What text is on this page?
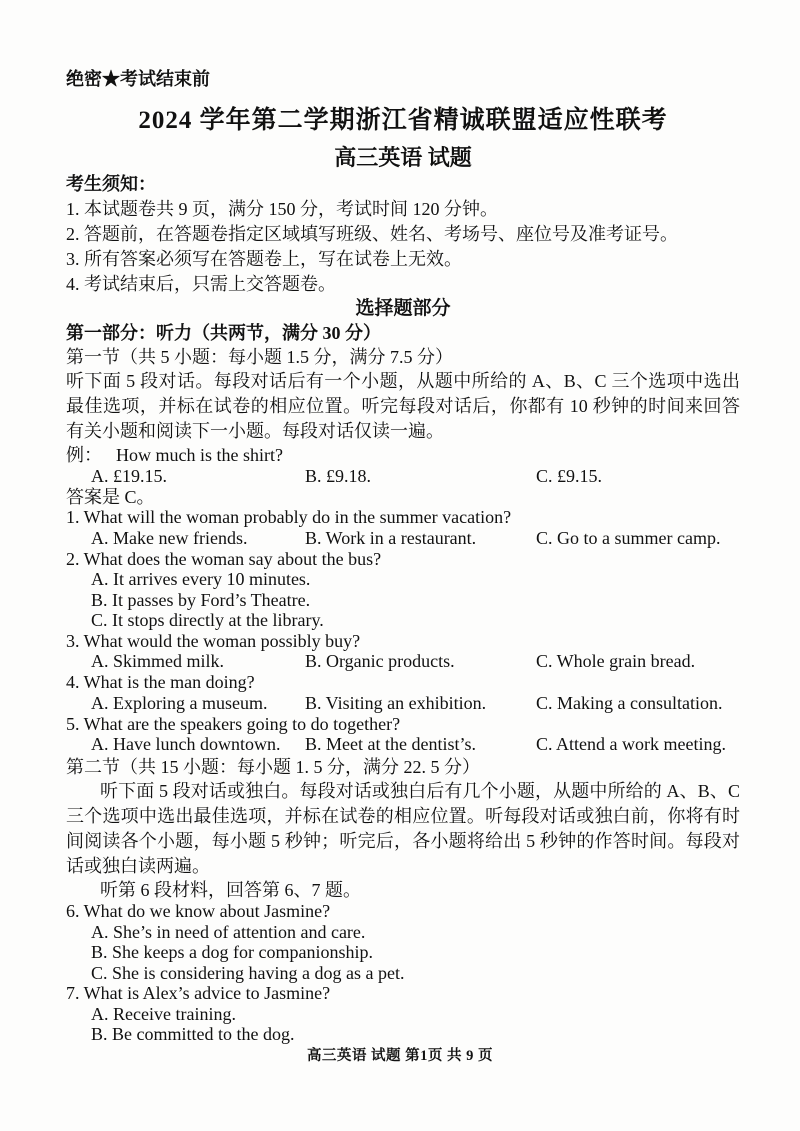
绝密★考试结束前
2024 学年第二学期浙江省精诚联盟适应性联考
高三英语 试题
考生须知：
1. 本试题卷共 9 页，满分 150 分，考试时间 120 分钟。
2. 答题前，在答题卷指定区域填写班级、姓名、考场号、座位号及准考证号。
3. 所有答案必须写在答题卷上，写在试卷上无效。
4. 考试结束后，只需上交答题卷。
选择题部分
第一部分：听力（共两节，满分 30 分）
第一节（共 5 小题：每小题 1.5 分，满分 7.5 分）
听下面 5 段对话。每段对话后有一个小题，从题中所给的 A、B、C 三个选项中选出最佳选项，并标在试卷的相应位置。听完每段对话后，你都有 10 秒钟的时间来回答有关小题和阅读下一小题。每段对话仅读一遍。
例： How much is the shirt?
A. £19.15.	B. £9.18.	C. £9.15.
答案是 C。
1. What will the woman probably do in the summer vacation?
A. Make new friends.	B. Work in a restaurant.	C. Go to a summer camp.
2. What does the woman say about the bus?
A. It arrives every 10 minutes.
B. It passes by Ford’s Theatre.
C. It stops directly at the library.
3. What would the woman possibly buy?
A. Skimmed milk.	B. Organic products.	C. Whole grain bread.
4. What is the man doing?
A. Exploring a museum.	B. Visiting an exhibition.	C. Making a consultation.
5. What are the speakers going to do together?
A. Have lunch downtown.	B. Meet at the dentist’s.	C. Attend a work meeting.
第二节（共 15 小题：每小题 1. 5 分，满分 22. 5 分）
听下面 5 段对话或独白。每段对话或独白后有几个小题，从题中所给的 A、B、C 三个选项中选出最佳选项，并标在试卷的相应位置。听每段对话或独白前，你将有时间阅读各个小题，每小题 5 秒钟；听完后，各小题将给出 5 秒钟的作答时间。每段对话或独白读两遍。
听第 6 段材料，回答第 6、7 题。
6. What do we know about Jasmine?
A. She’s in need of attention and care.
B. She keeps a dog for companionship.
C. She is considering having a dog as a pet.
7. What is Alex’s advice to Jasmine?
A. Receive training.
B. Be committed to the dog.
高三英语 试题 第1页 共 9 页
